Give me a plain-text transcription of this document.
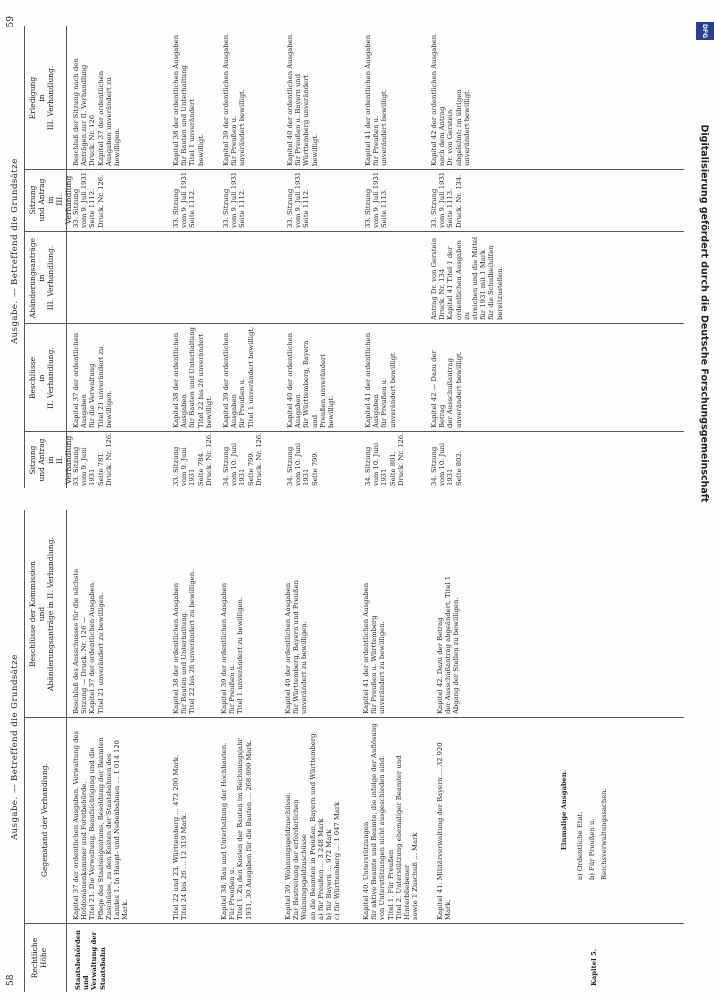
58
Ausgabe. — Betreffend die Grundsätze
Rechtliche
Höhe
Gegenstand der Verhandlung.
Beschlüsse der Kommission
und
Abänderungsanträge in II. Verhandlung.
Staatsbehörden
und
Verwaltung der
Staatsbahn
Kapitel 37 der ordentlichen Ausgaben. Verwaltung des
Hofdomänenkammer und Forstbehörde.
Titel 21. Die Verwaltung, Beaufsichtigung und die
Pflege des Staatseigentums, Besoldung der Beamten
Zuschüsse, zu den Kosten der Staatsbahnen des
Landes 1. In Haupt- und Nebenbahnen … 1 014 120 Mark.
Beschluß des Ausschusses für die nächste
Sitzung — Druck. Nr. 126 —
Kapitel 37 der ordentlichen Ausgaben.
Titel 21 unverändert zu bewilligen.
Titel 22 und 23. Württemberg … 472 200 Mark.
Titel 24 bis 26 … 12 319 Mark.
Kapitel 38 der ordentlichen Ausgaben
für Bauten und Unterhaltung.
Titel 22 bis 26 unverändert zu bewilligen.
Kapitel 38. Bau und Unterhaltung der Hochbauten.
Für Preußen u.
Titel 1. Zu den Kosten der Bauten im Rechnungsjahr
1931, 30 Ausgaben für die Bauten … 268 000 Mark.
Kapitel 39 der ordentlichen Ausgaben
für Preußen u.
Titel 1 unverändert zu bewilligen.
Kapitel 39. Wohnungsgeldzuschüsse.
Zur Bestreitung der erforderlichen Wohnungsgeldzuschüsse
an die Beamten in Preußen, Bayern und Württemberg.
a) für Preußen … 3 248 Mark
b) für Bayern … 972 Mark
c) für Württemberg … 1 047 Mark
Kapitel 40 der ordentlichen Ausgaben
für Württemberg, Bayern und Preußen
unverändert zu bewilligen.
Kapitel 40. Unterstützungen
für aktive Beamte und Beamte, die infolge der Auflösung
von Unterstützungen nicht ausgeschieden sind.
Titel 1. Für Preußen
Titel 2. Unterstützung ehemaliger Beamter und Hinterbliebener
sowie 1 Zuschuß … Mark
Kapitel 41 der ordentlichen Ausgaben
für Preußen u. Württemberg
unverändert zu bewilligen.
Kapitel 41. Militärverwaltung der Bayern … 32 920 Mark.
Kapitel 42. Dazu der Betrag
der Ausschußantrag abgeändert, Titel 1
Abgang der Stellen zu bewilligen.
Einmalige Ausgaben. a) Ordentliche Etat. b) Für Preußen u. Reichsverwaltungssachen.
Kapitel 5.
59
Ausgabe. — Betreffend die Grundsätze
Sitzung
und Antrag
in
II. Verhandlung
Beschlüsse
in
II. Verhandlung.
Abänderungsanträge
in
III. Verhandlung.
Sitzung
und Antrag
in
III. Verhandlung
Erledigung
in
III. Verhandlung.
33. Sitzung
vom 9. Juni 1931
Seite 781.
Druck. Nr. 126.
Kapitel 37 der ordentlichen Ausgaben
für die Verwaltung
Titel 21 unverändert zu
bewilligen.
33. Sitzung
vom 9. Juli 1931
Seite 1112.
Druck. Nr. 126.
Beschluß der Sitzung nach den
Anträgen zur II. Verhandlung
Druck. Nr. 126
Kapitel 37 der ordentlichen
Ausgaben unverändert zu
bewilligen.
33. Sitzung
vom 9. Juni 1931
Seite 784.
Druck. Nr. 126.
Kapitel 38 der ordentlichen Ausgaben
für Bauten und Unterhaltung
Titel 22 bis 26 unverändert
bewilligt.
33. Sitzung
vom 9. Juli 1931
Seite 1112.
Kapitel 38 der ordentlichen Ausgaben
für Bauten und Unterhaltung
Titel 1 unverändert
bewilligt.
34. Sitzung
vom 10. Juni 1931
Seite 799.
Druck. Nr. 126.
Kapitel 39 der ordentlichen Ausgaben
für Preußen u.
Titel 1 unverändert bewilligt.
33. Sitzung
vom 9. Juli 1931
Seite 1112.
Kapitel 39 der ordentlichen Ausgaben
für Preußen u.
unverändert bewilligt.
34. Sitzung
vom 10. Juni 1931
Seite 799.
Kapitel 40 der ordentlichen Ausgaben
für Württemberg, Bayern und
Preußen unverändert
bewilligt.
33. Sitzung
vom 9. Juli 1931
Seite 1112.
Kapitel 40 der ordentlichen Ausgaben
für Preußen u. Bayern und
Württemberg unverändert
bewilligt.
34. Sitzung
vom 10. Juni 1931
Seite 801.
Druck. Nr. 126.
Kapitel 41 der ordentlichen Ausgaben
für Preußen u.
unverändert bewilligt.
33. Sitzung
vom 9. Juli 1931
Seite 1113.
Kapitel 41 der ordentlichen Ausgaben
für Preußen u.
unverändert bewilligt.
34. Sitzung
vom 10. Juni 1931
Seite 802.
Kapitel 42 — Dazu der Betrag
der Ausschußantrag
unverändert bewilligt.
Antrag Dr. von Gerstein
Druck. Nr. 134
Kapitel 41 Titel 1 der
ordentlichen Ausgaben zu
streichen und die Mittel
für 1931 mit 1 Mark
für die Schulbeihilfen
bereitzustellen.
33. Sitzung
vom 9. Juli 1931
Seite 1113.
Druck. Nr. 134.
Kapitel 42 der ordentlichen Ausgaben
nach dem Antrag
Dr. von Gerstein
abgelehnt; im übrigen
unverändert bewilligt.
DFG
Digitalisierung gefördert durch die Deutsche Forschungsgemeinschaft
